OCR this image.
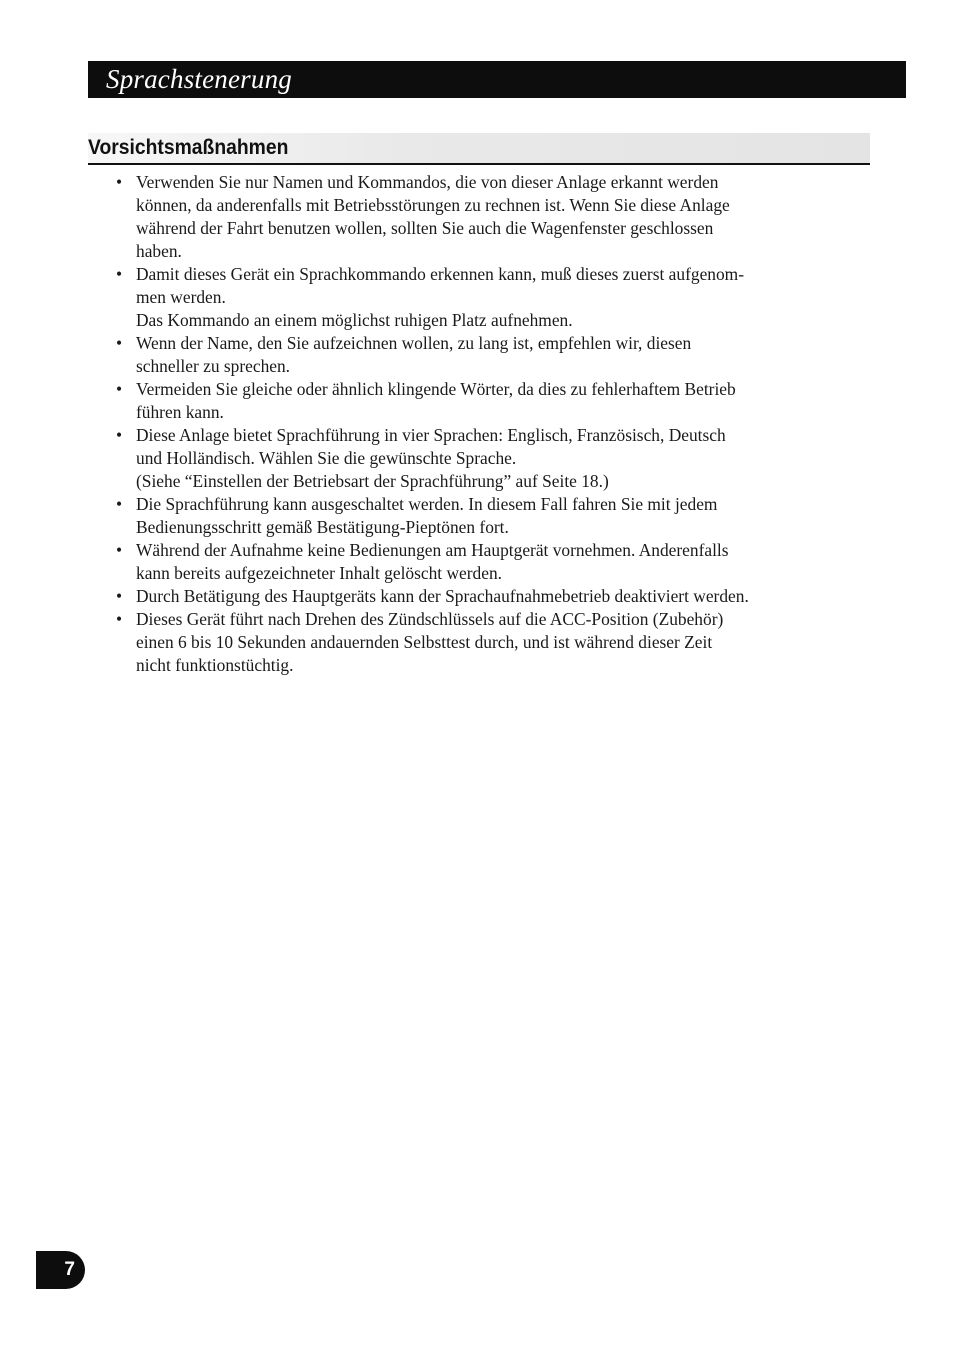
Sprachstenerung
Vorsichtsmaßnahmen
• Verwenden Sie nur Namen und Kommandos, die von dieser Anlage erkannt werden
können, da anderenfalls mit Betriebsstörungen zu rechnen ist. Wenn Sie diese Anlage
während der Fahrt benutzen wollen, sollten Sie auch die Wagenfenster geschlossen
haben.
• Damit dieses Gerät ein Sprachkommando erkennen kann, muß dieses zuerst aufgenom-
men werden.
Das Kommando an einem möglichst ruhigen Platz aufnehmen.
• Wenn der Name, den Sie aufzeichnen wollen, zu lang ist, empfehlen wir, diesen
schneller zu sprechen.
• Vermeiden Sie gleiche oder ähnlich klingende Wörter, da dies zu fehlerhaftem Betrieb
führen kann.
• Diese Anlage bietet Sprachführung in vier Sprachen: Englisch, Französisch, Deutsch
und Holländisch. Wählen Sie die gewünschte Sprache.
(Siehe “Einstellen der Betriebsart der Sprachführung” auf Seite 18.)
• Die Sprachführung kann ausgeschaltet werden. In diesem Fall fahren Sie mit jedem
Bedienungsschritt gemäß Bestätigung-Pieptönen fort.
• Während der Aufnahme keine Bedienungen am Hauptgerät vornehmen. Anderenfalls
kann bereits aufgezeichneter Inhalt gelöscht werden.
• Durch Betätigung des Hauptgeräts kann der Sprachaufnahmebetrieb deaktiviert werden.
• Dieses Gerät führt nach Drehen des Zündschlüssels auf die ACC-Position (Zubehör)
einen 6 bis 10 Sekunden andauernden Selbsttest durch, und ist während dieser Zeit
nicht funktionstüchtig.
7
